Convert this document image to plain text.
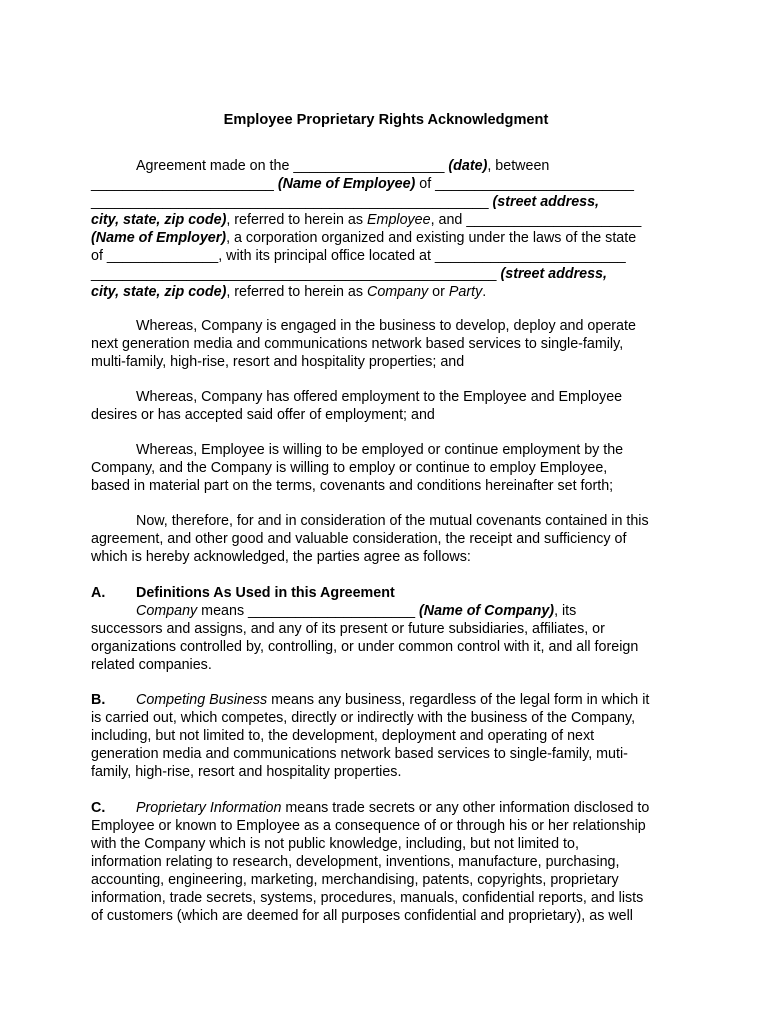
Employee Proprietary Rights Acknowledgment
Agreement made on the ___________________ (date), between
_______________________ (Name of Employee) of _________________________
__________________________________________________ (street address,
city, state, zip code), referred to herein as Employee, and ______________________
(Name of Employer), a corporation organized and existing under the laws of the state
of ______________, with its principal office located at ________________________
___________________________________________________ (street address,
city, state, zip code), referred to herein as Company or Party.
Whereas, Company is engaged in the business to develop, deploy and operate
next generation media and communications network based services to single-family,
multi-family, high-rise, resort and hospitality properties; and
Whereas, Company has offered employment to the Employee and Employee
desires or has accepted said offer of employment; and
Whereas, Employee is willing to be employed or continue employment by the
Company, and the Company is willing to employ or continue to employ Employee,
based in material part on the terms, covenants and conditions hereinafter set forth;
Now, therefore, for and in consideration of the mutual covenants contained in this
agreement, and other good and valuable consideration, the receipt and sufficiency of
which is hereby acknowledged, the parties agree as follows:
A. Definitions As Used in this Agreement
Company means _____________________ (Name of Company), its
successors and assigns, and any of its present or future subsidiaries, affiliates, or
organizations controlled by, controlling, or under common control with it, and all foreign
related companies.
B. Competing Business means any business, regardless of the legal form in which it
is carried out, which competes, directly or indirectly with the business of the Company,
including, but not limited to, the development, deployment and operating of next
generation media and communications network based services to single-family, muti-
family, high-rise, resort and hospitality properties.
C. Proprietary Information means trade secrets or any other information disclosed to
Employee or known to Employee as a consequence of or through his or her relationship
with the Company which is not public knowledge, including, but not limited to,
information relating to research, development, inventions, manufacture, purchasing,
accounting, engineering, marketing, merchandising, patents, copyrights, proprietary
information, trade secrets, systems, procedures, manuals, confidential reports, and lists
of customers (which are deemed for all purposes confidential and proprietary), as well
